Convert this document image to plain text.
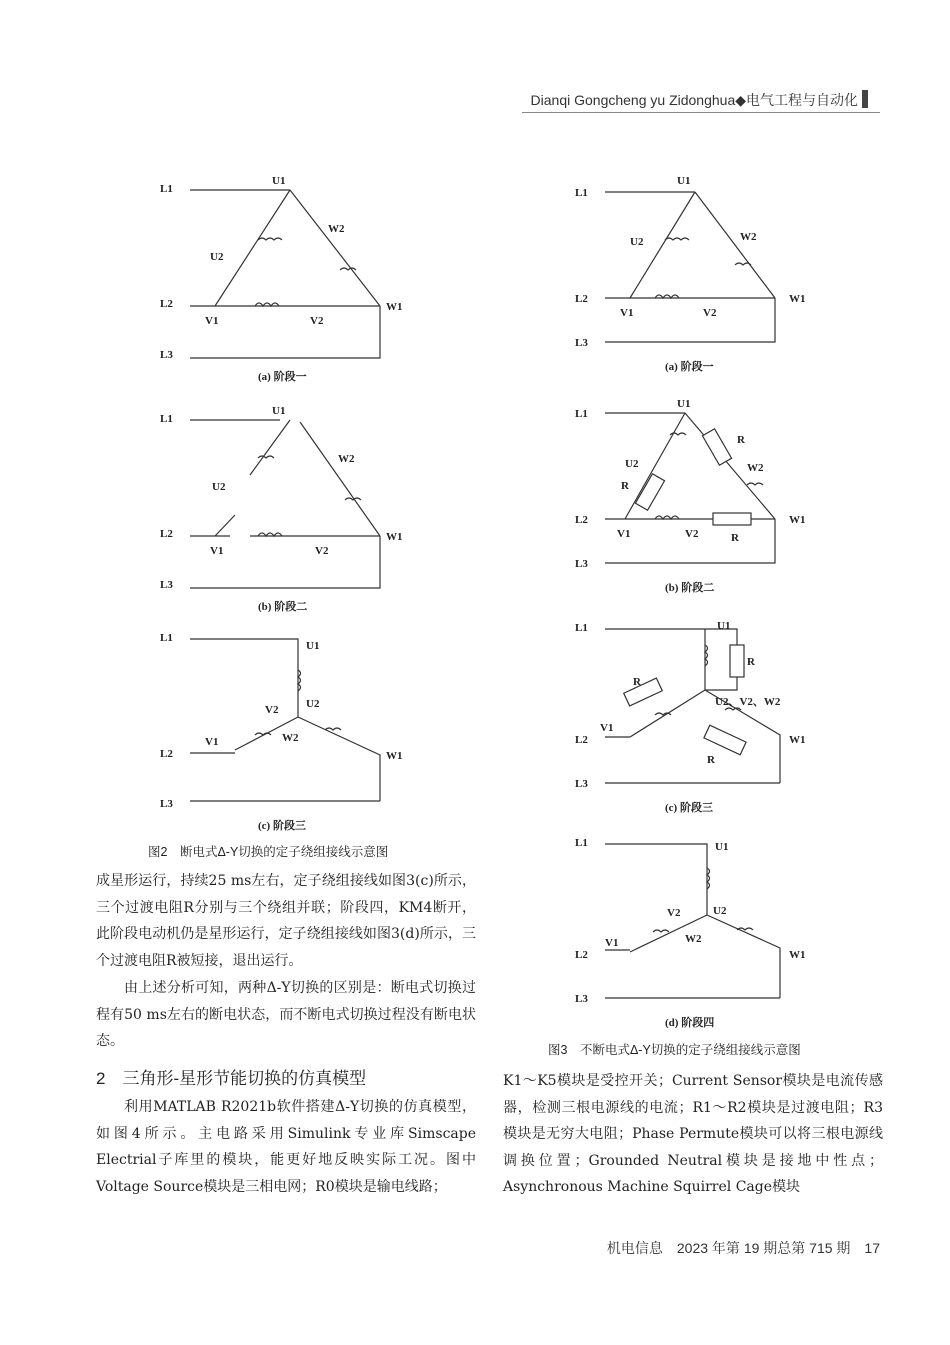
Dianqi Gongcheng yu Zidonghua◆电气工程与自动化
L1
L2
L3
U1
U2
W2
V1	V2
W1
(a) 阶段一
L1
L2
L3
U1
U2
W2
V1	V2
W1
(b) 阶段二
L1
L2
L3
U1
U2
V2
W2
V1
W1
(c) 阶段三
图2　断电式Δ-Y切换的定子绕组接线示意图
L1
L2
L3
U1
U2	W2
V1	V2
W1
(a) 阶段一
L1
L2
L3
U1
U2	W2
V1	V2
W1
R
R
R
(b) 阶段二
L1
L2
L3
U1
U2、V2、W2
V1
W1
R
R
R
(c) 阶段三
L1
L2
L3
U1
V2	U2
W2
V1
W1
(d) 阶段四
图3　不断电式Δ-Y切换的定子绕组接线示意图
成星形运行，持续25 ms左右，定子绕组接线如图3(c)所示，三个过渡电阻R分别与三个绕组并联；阶段四，KM4断开，此阶段电动机仍是星形运行，定子绕组接线如图3(d)所示，三个过渡电阻R被短接，退出运行。
由上述分析可知，两种Δ-Y切换的区别是：断电式切换过程有50 ms左右的断电状态，而不断电式切换过程没有断电状态。
2　三角形-星形节能切换的仿真模型
利用MATLAB R2021b软件搭建Δ-Y切换的仿真模型，如图4所示。主电路采用Simulink专业库Simscape Electrial子库里的模块，能更好地反映实际工况。图中Voltage Source模块是三相电网；R0模块是输电线路；
K1～K5模块是受控开关；Current Sensor模块是电流传感器，检测三根电源线的电流；R1～R2模块是过渡电阻；R3模块是无穷大电阻；Phase Permute模块可以将三根电源线调换位置；Grounded Neutral模块是接地中性点；Asynchronous Machine Squirrel Cage模块
机电信息　2023 年第 19 期总第 715 期　17
